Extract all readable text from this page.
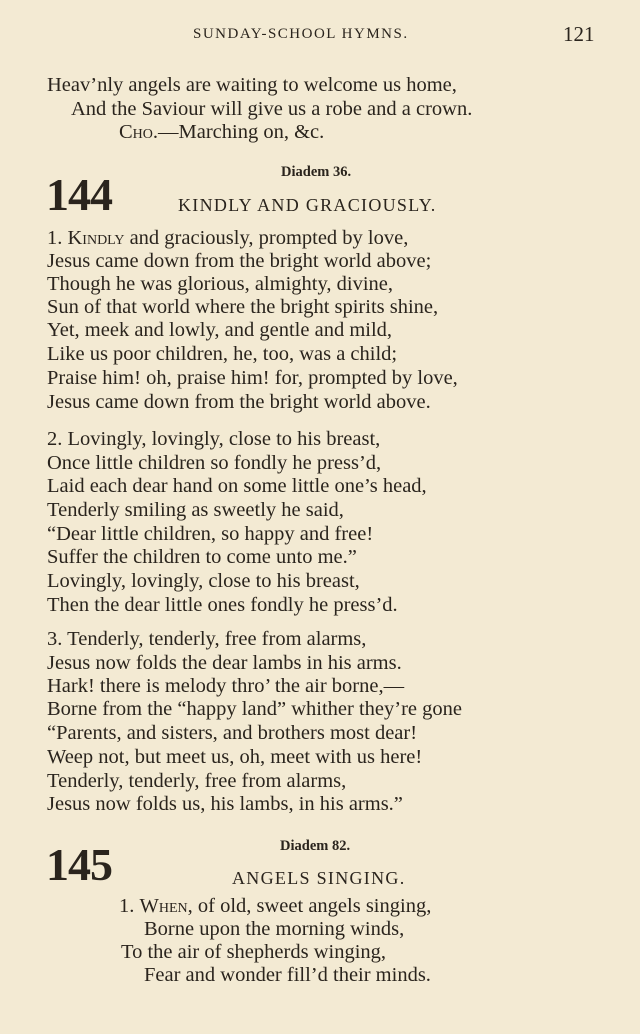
SUNDAY-SCHOOL HYMNS.	121
Heav’nly angels are waiting to welcome us home,
And the Saviour will give us a robe and a crown.
Cho.—Marching on, &c.
144	Diadem 36.
KINDLY AND GRACIOUSLY.
1. Kindly and graciously, prompted by love,
Jesus came down from the bright world above;
Though he was glorious, almighty, divine,
Sun of that world where the bright spirits shine,
Yet, meek and lowly, and gentle and mild,
Like us poor children, he, too, was a child;
Praise him! oh, praise him! for, prompted by love,
Jesus came down from the bright world above.
2. Lovingly, lovingly, close to his breast,
Once little children so fondly he press’d,
Laid each dear hand on some little one’s head,
Tenderly smiling as sweetly he said,
“Dear little children, so happy and free!
Suffer the children to come unto me.”
Lovingly, lovingly, close to his breast,
Then the dear little ones fondly he press’d.
3. Tenderly, tenderly, free from alarms,
Jesus now folds the dear lambs in his arms.
Hark! there is melody thro’ the air borne,—
Borne from the “happy land” whither they’re gone
“Parents, and sisters, and brothers most dear!
Weep not, but meet us, oh, meet with us here!
Tenderly, tenderly, free from alarms,
Jesus now folds us, his lambs, in his arms.”
145	Diadem 82.
ANGELS SINGING.
1. When, of old, sweet angels singing,
Borne upon the morning winds,
To the air of shepherds winging,
Fear and wonder fill’d their minds.
